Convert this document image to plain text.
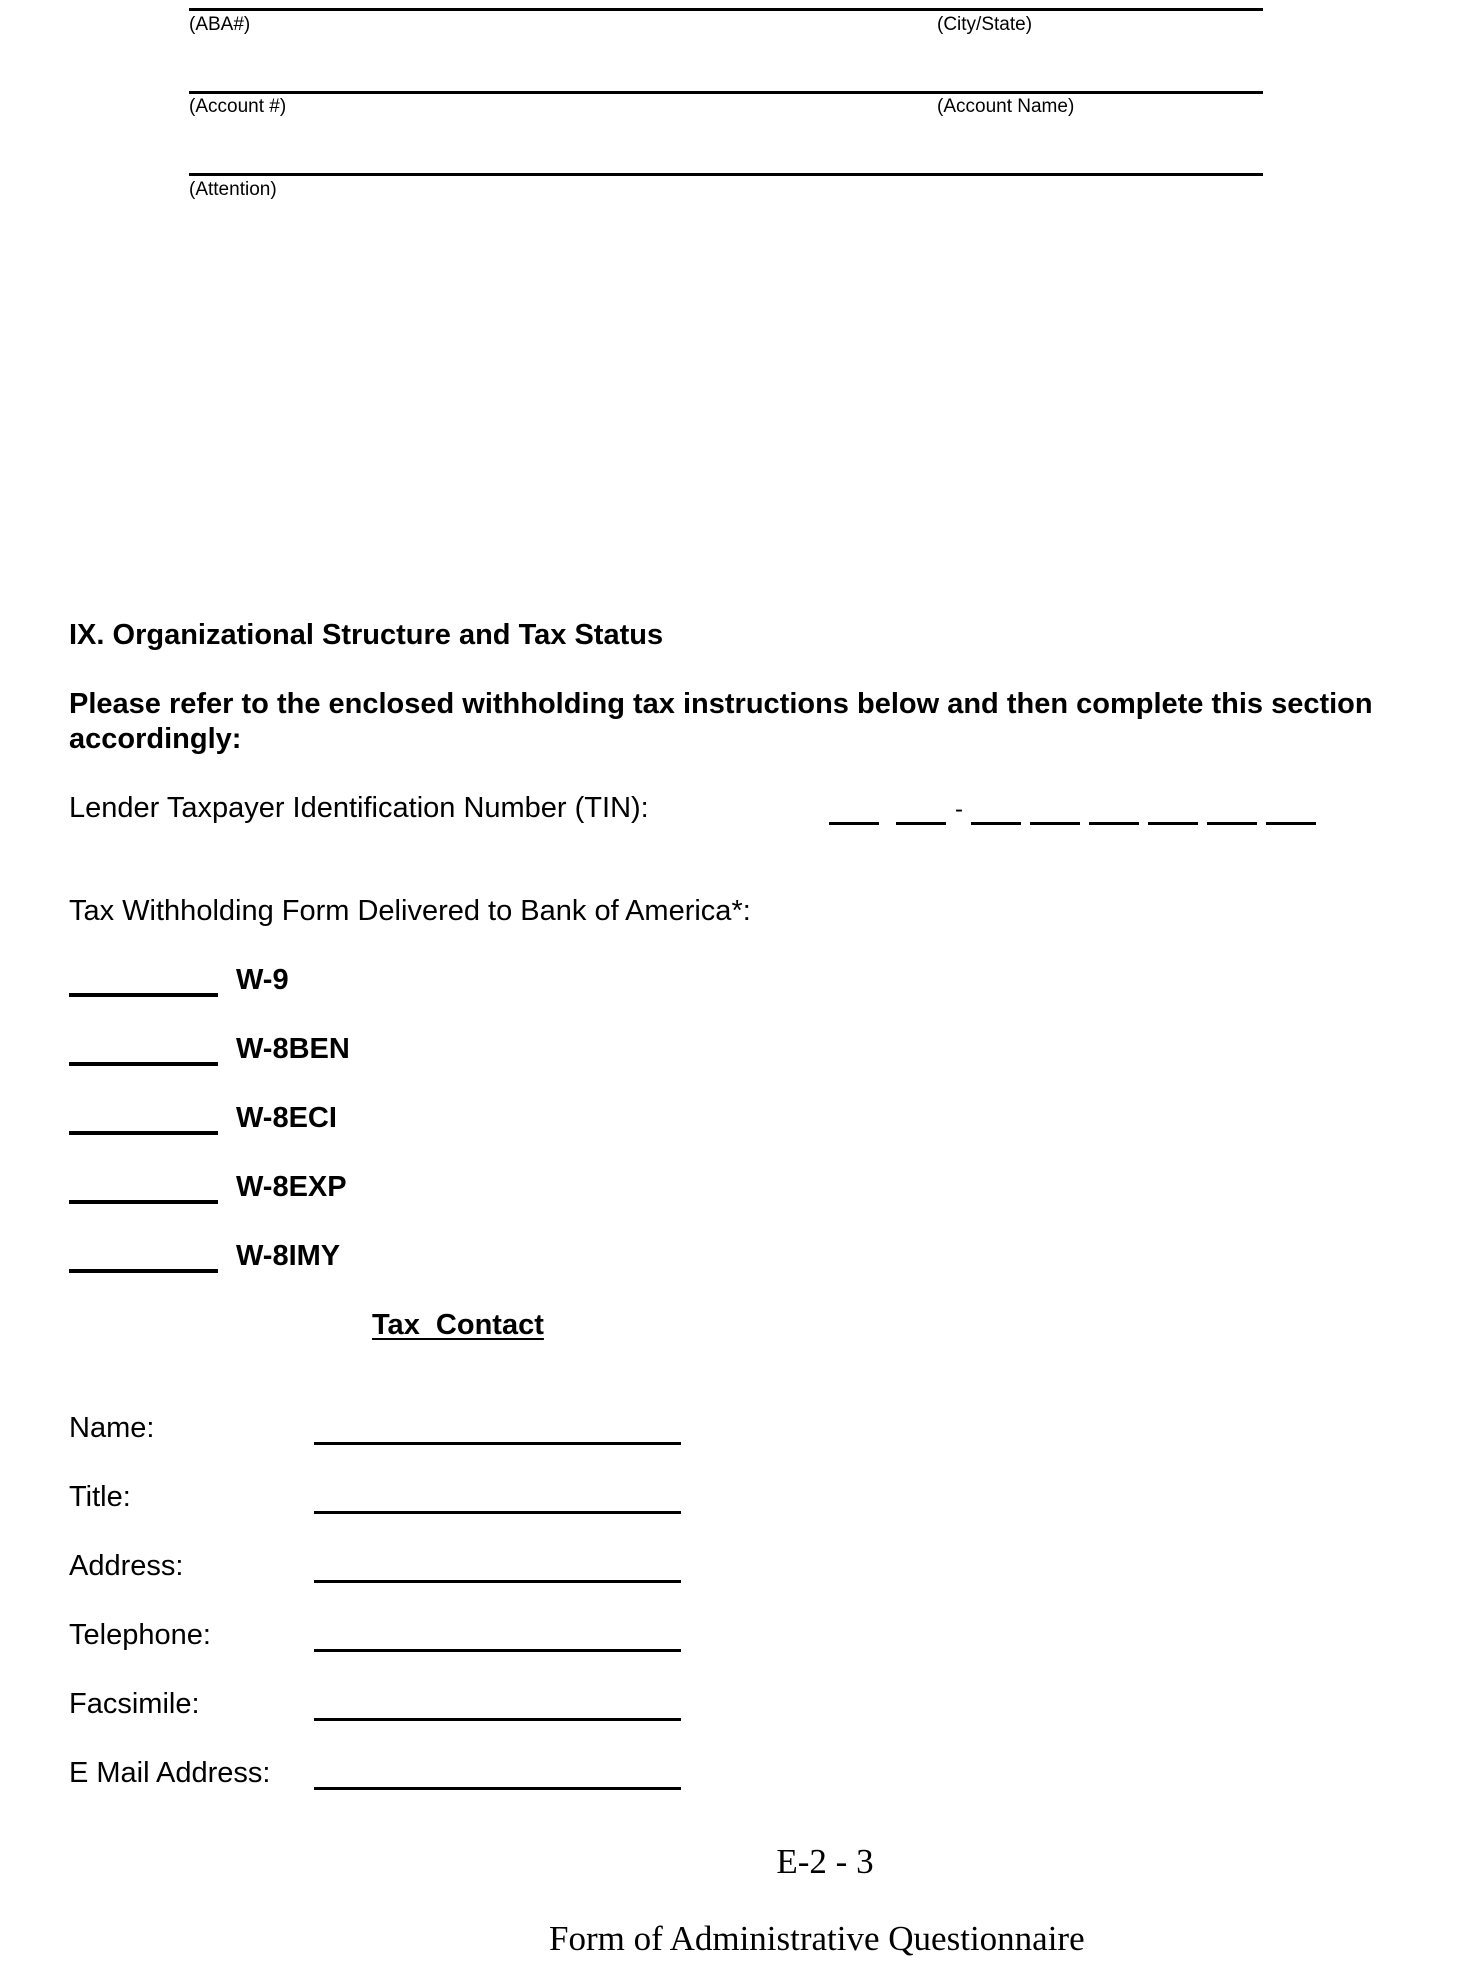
(ABA#)	(City/State)
(Account #)	(Account Name)
(Attention)
IX. Organizational Structure and Tax Status
Please refer to the enclosed withholding tax instructions below and then complete this section accordingly:
Lender Taxpayer Identification Number (TIN):	-
Tax Withholding Form Delivered to Bank of America*:
W-9
W-8BEN
W-8ECI
W-8EXP
W-8IMY
Tax  Contact
Name:
Title:
Address:
Telephone:
Facsimile:
E Mail Address:
E-2 - 3
Form of Administrative Questionnaire
